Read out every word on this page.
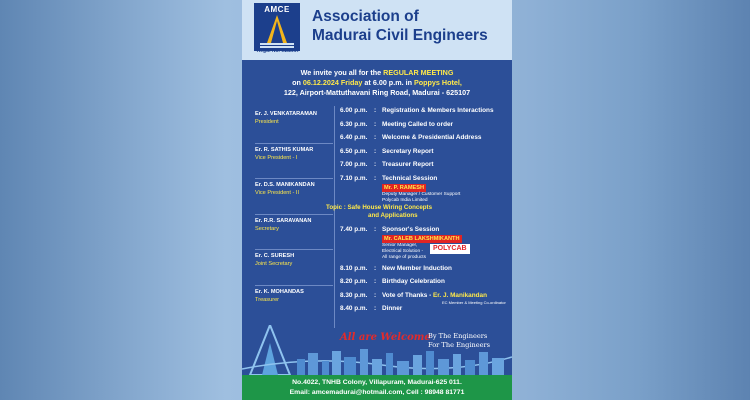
AMCE
Regd. No. 91/2007
Association of
Madurai Civil Engineers
We invite you all for the REGULAR MEETING
on 06.12.2024 Friday at 6.00 p.m. in Poppys Hotel,
122, Airport-Mattuthavani Ring Road, Madurai - 625107
Er. J. VENKATARAMAN
President
Er. R. SATHIS KUMAR
Vice President - I
Er. D.S. MANIKANDAN
Vice President - II
Er. R.R. SARAVANAN
Secretary
Er. C. SURESH
Joint Secretary
Er. K. MOHANDAS
Treasurer
6.00 p.m.	: Registration & Members Interactions
6.30 p.m.	: Meeting Called to order
6.40 p.m.	: Welcome & Presidential Address
6.50 p.m.	: Secretary Report
7.00 p.m.	: Treasurer Report
7.10 p.m.	: Technical Session
Mr. P. RAMESH
Deputy Manager / Customer Support
Polycab India Limited
Topic : Safe House Wiring Concepts
and Applications
7.40 p.m.	: Sponsor's Session
Mr. CALEB LAKSHMIKANTH
Senior Manager,
Electrical Solution -
All range of products
POLYCAB
8.10 p.m.	: New Member Induction
8.20 p.m.	: Birthday Celebration
8.30 p.m.	: Vote of Thanks - Er. J. Manikandan
EC Member & Meeting Co-ordinator
8.40 p.m.	: Dinner
All are Welcome
By The Engineers
For The Engineers
No.4022, TNHB Colony, Villapuram, Madurai-625 011.
Email: amcemadurai@hotmail.com, Cell : 98948 81771
